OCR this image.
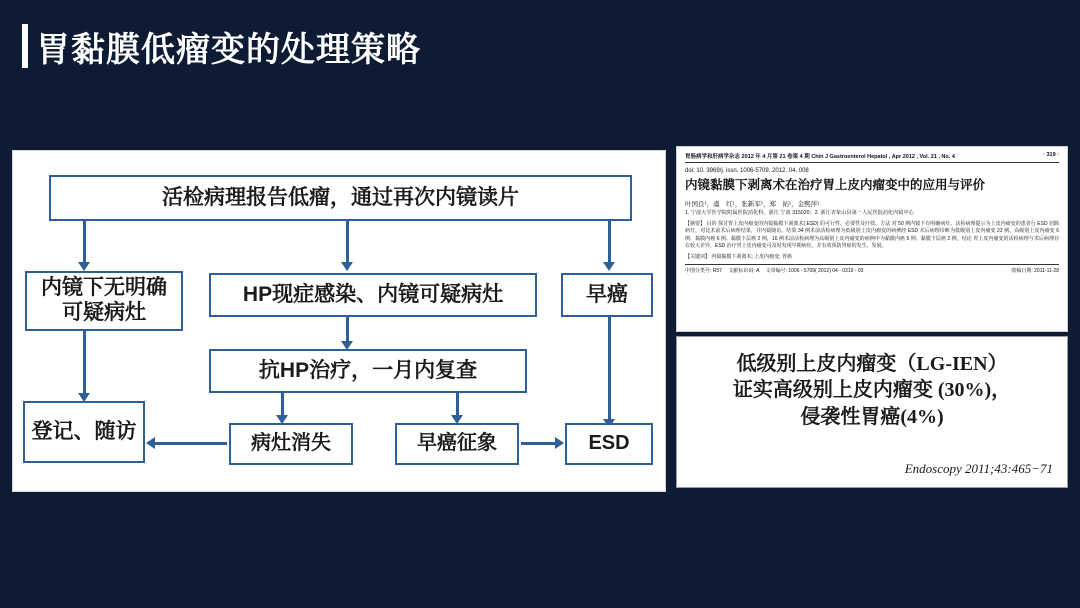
胃黏膜低瘤变的处理策略
活检病理报告低瘤，通过再次内镜读片
内镜下无明确可疑病灶
HP现症感染、内镜可疑病灶	早癌
抗HP治疗，一月内复查
登记、随访
病灶消失	早癌征象	ESD
胃肠病学和肝病学杂志 2012 年 4 月第 21 卷第 4 期 Chin J Gastroenterol Hepatol , Apr 2012 , Vol. 21 , No. 4	· 319 ·
doi: 10. 3969/j. issn. 1006-5709. 2012. 04. 008
内镜黏膜下剥离术在治疗胃上皮内瘤变中的应用与评价
叶国良¹，虞　红¹，张新军¹，郑　拓¹，金熙萍¹
1. 宁波大学医学院附属医院消化科，浙江 宁波 315020；2. 浙江省象山县第一人民医院消化内镜中心
【摘要】 目的 探讨胃上皮内瘤变的内镜黏膜下剥离术( ESD) 的可行性、必要性及疗效。方法 对 50 例内镜下有明确病灶、活检病理提示为上皮内瘤变的患者行 ESD 切除病灶，对比术前术后病理结果，并内镜随访。结果 34 例术前活检病理为低级别上皮内瘤变的病例经 ESD 术后病理诊断为低级别上皮内瘤变 22 例、高级别上皮内瘤变 6 例、黏膜内癌 6 例、黏膜下层癌 2 例，16 例术前活检病理为高级别上皮内瘤变的病例中为黏膜内癌 5 例、黏膜下层癌 2 例。结论 胃上皮内瘤变的活检病理与术后病理存在较大差异，ESD 治疗胃上皮内瘤变可及时发现早期病灶，并有效预防胃癌的发生、发展。
【关键词】 内镜黏膜下剥离术; 上皮内瘤变; 胃癌
中图分类号: R57 　文献标识码: A 　文章编号: 1006 - 5709( 2012) 04 - 0319 - 03	收稿日期: 2011-11-28
低级别上皮内瘤变（LG-IEN）
证实高级别上皮内瘤变 (30%)，
侵袭性胃癌(4%)
Endoscopy 2011;43:465−71
